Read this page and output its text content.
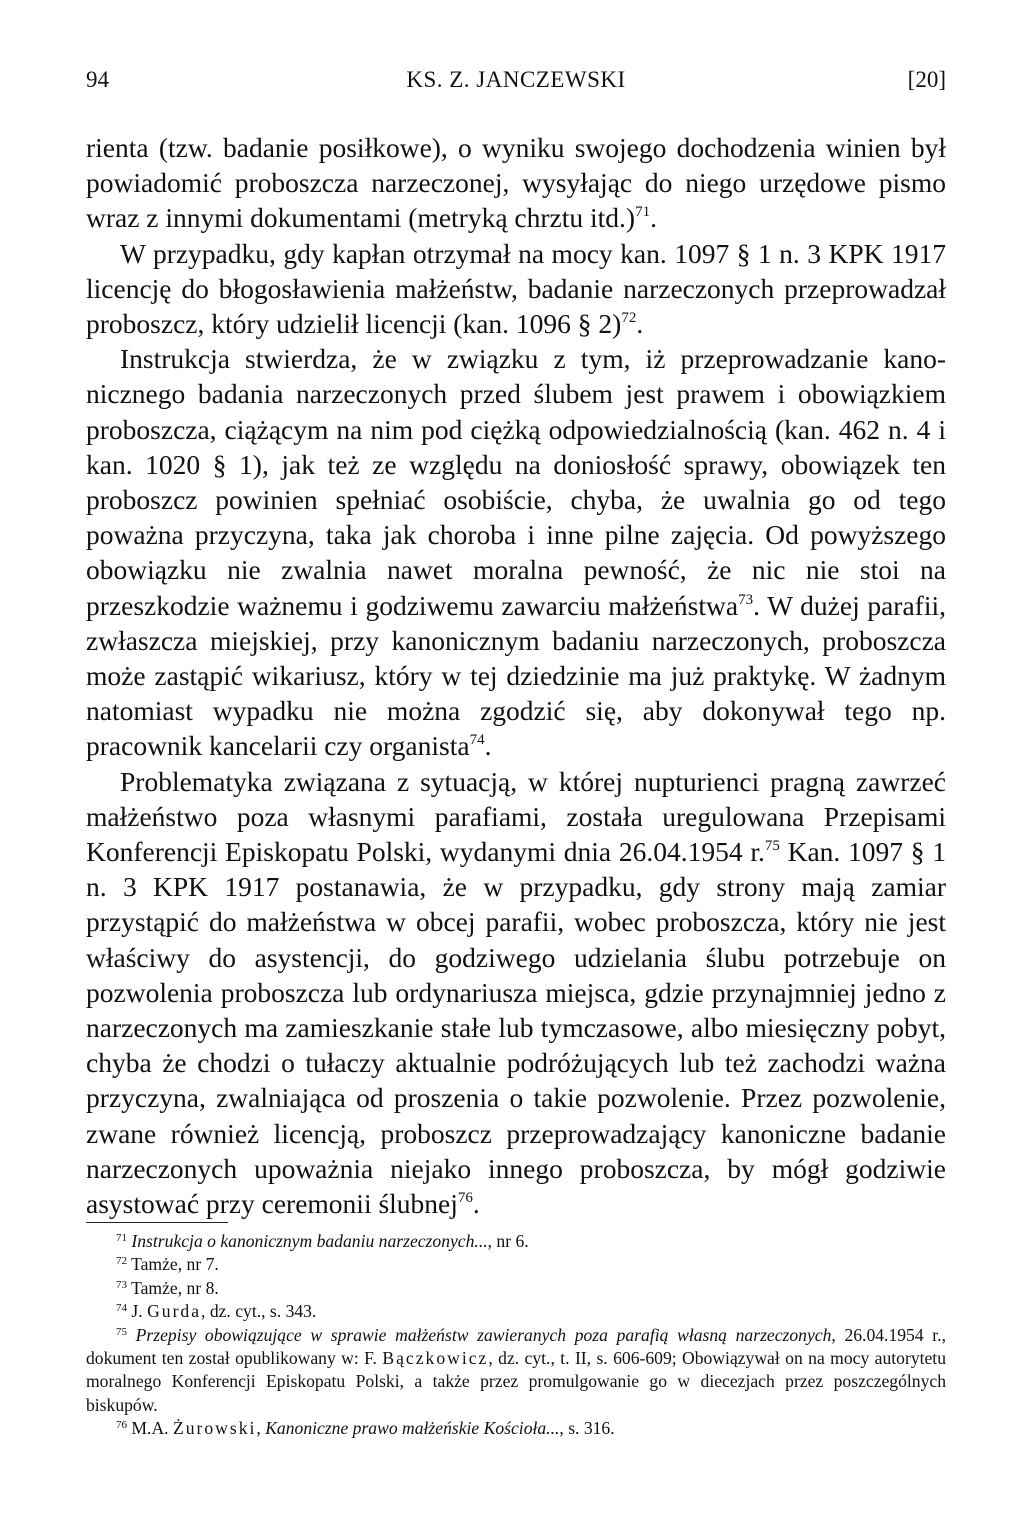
KS. Z. JANCZEWSKI
94	[20]

rienta (tzw. badanie posiłkowe), o wyniku swojego dochodzenia winien był powiadomić proboszcza narzeczonej, wysyłając do niego urzędowe pismo wraz z innymi dokumentami (metryką chrztu itd.)$^{71}$.

W przypadku, gdy kapłan otrzymał na mocy kan. 1097 § 1 n. 3 KPK 1917 licencję do błogosławienia małżeństw, badanie narzeczonych przeprowadzał proboszcz, który udzielił licencji (kan. 1096 § 2)$^{72}$.

Instrukcja stwierdza, że w związku z tym, iż przeprowadzanie kanonicznego badania narzeczonych przed ślubem jest prawem i obowiązkiem proboszcza, ciążącym na nim pod ciężką odpowiedzialnością (kan. 462 n. 4 i kan. 1020 § 1), jak też ze względu na doniosłość sprawy, obowiązek ten proboszcz powinien spełniać osobiście, chyba, że uwalnia go od tego poważna przyczyna, taka jak choroba i inne pilne zajęcia. Od powyższego obowiązku nie zwalnia nawet moralna pewność, że nic nie stoi na przeszkodzie ważnemu i godziwemu zawarciu małżeństwa$^{73}$. W dużej parafii, zwłaszcza miejskiej, przy kanonicznym badaniu narzeczonych, proboszcza może zastąpić wikariusz, który w tej dziedzinie ma już praktykę. W żadnym natomiast wypadku nie można zgodzić się, aby dokonywał tego np. pracownik kancelarii czy organista$^{74}$.

Problematyka związana z sytuacją, w której nupturienci pragną zawrzeć małżeństwo poza własnymi parafiami, została uregulowana Przepisami Konferencji Episkopatu Polski, wydanymi dnia 26.04.1954 r.$^{75}$ Kan. 1097 § 1 n. 3 KPK 1917 postanawia, że w przypadku, gdy strony mają zamiar przystąpić do małżeństwa w obcej parafii, wobec proboszcza, który nie jest właściwy do asystencji, do godziwego udzielania ślubu potrzebuje on pozwolenia proboszcza lub ordynariusza miejsca, gdzie przynajmniej jedno z narzeczonych ma zamieszkanie stałe lub tymczasowe, albo miesięczny pobyt, chyba że chodzi o tułaczy aktualnie podróżujących lub też zachodzi ważna przyczyna, zwalniająca od proszenia o takie pozwolenie. Przez pozwolenie, zwane również licencją, proboszcz przeprowadzający kanoniczne badanie narzeczonych upoważnia niejako innego proboszcza, by mógł godziwie asystować przy ceremonii ślubnej$^{76}$.

$^{71}$ Instrukcja o kanonicznym badaniu narzeczonych..., nr 6.

$^{72}$ Tamże, nr 7.

$^{73}$ Tamże, nr 8.

$^{74}$ J. Gurda, dz. cyt., s. 343.

$^{75}$ Przepisy obowiązujące w sprawie małżeństw zawieranych poza parafią własną narzeczonych, 26.04.1954 r., dokument ten został opublikowany w: F. Bączkowicz, dz. cyt., t. II, s. 606-609; Obowiązywał on na mocy autorytetu moralnego Konferencji Episkopatu Polski, a także przez promulgowanie go w diecezjach przez poszczególnych biskupów.

$^{76}$ M.A. Żurowski, Kanoniczne prawo małżeńskie Kościoła..., s. 316.
